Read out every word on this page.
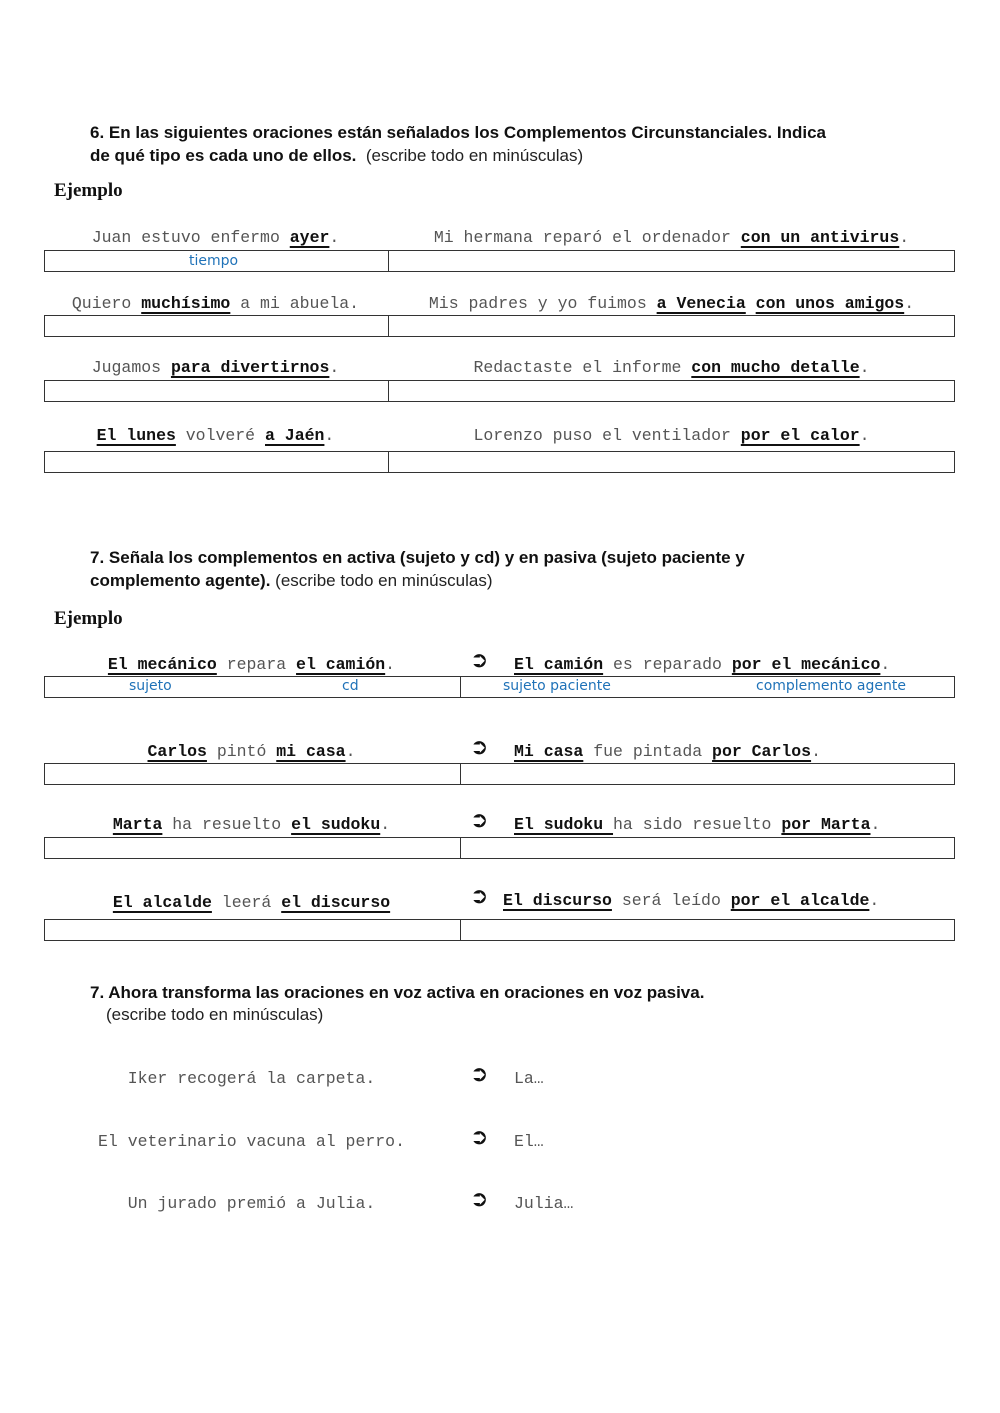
6. En las siguientes oraciones están señalados los Complementos Circunstanciales. Indica
de qué tipo es cada uno de ellos. (escribe todo en minúsculas)
Ejemplo
Juan estuvo enfermo ayer.	Mi hermana reparó el ordenador con un antivirus.
tiempo
Quiero muchísimo a mi abuela.	Mis padres y yo fuimos a Venecia con unos amigos.
Jugamos para divertirnos.	Redactaste el informe con mucho detalle.
El lunes volveré a Jaén.	Lorenzo puso el ventilador por el calor.
7. Señala los complementos en activa (sujeto y cd) y en pasiva (sujeto paciente y
complemento agente). (escribe todo en minúsculas)
Ejemplo
El mecánico repara el camión.	➲ El camión es reparado por el mecánico.
sujeto	cd	sujeto paciente	complemento agente
Carlos pintó mi casa.	➲ Mi casa fue pintada por Carlos.
Marta ha resuelto el sudoku.	➲ El sudoku ha sido resuelto por Marta.
El alcalde leerá el discurso	➲ El discurso será leído por el alcalde.
7. Ahora transforma las oraciones en voz activa en oraciones en voz pasiva.
(escribe todo en minúsculas)
Iker recogerá la carpeta.	➲ La…
El veterinario vacuna al perro.	➲ El…
Un jurado premió a Julia.	➲ Julia…
